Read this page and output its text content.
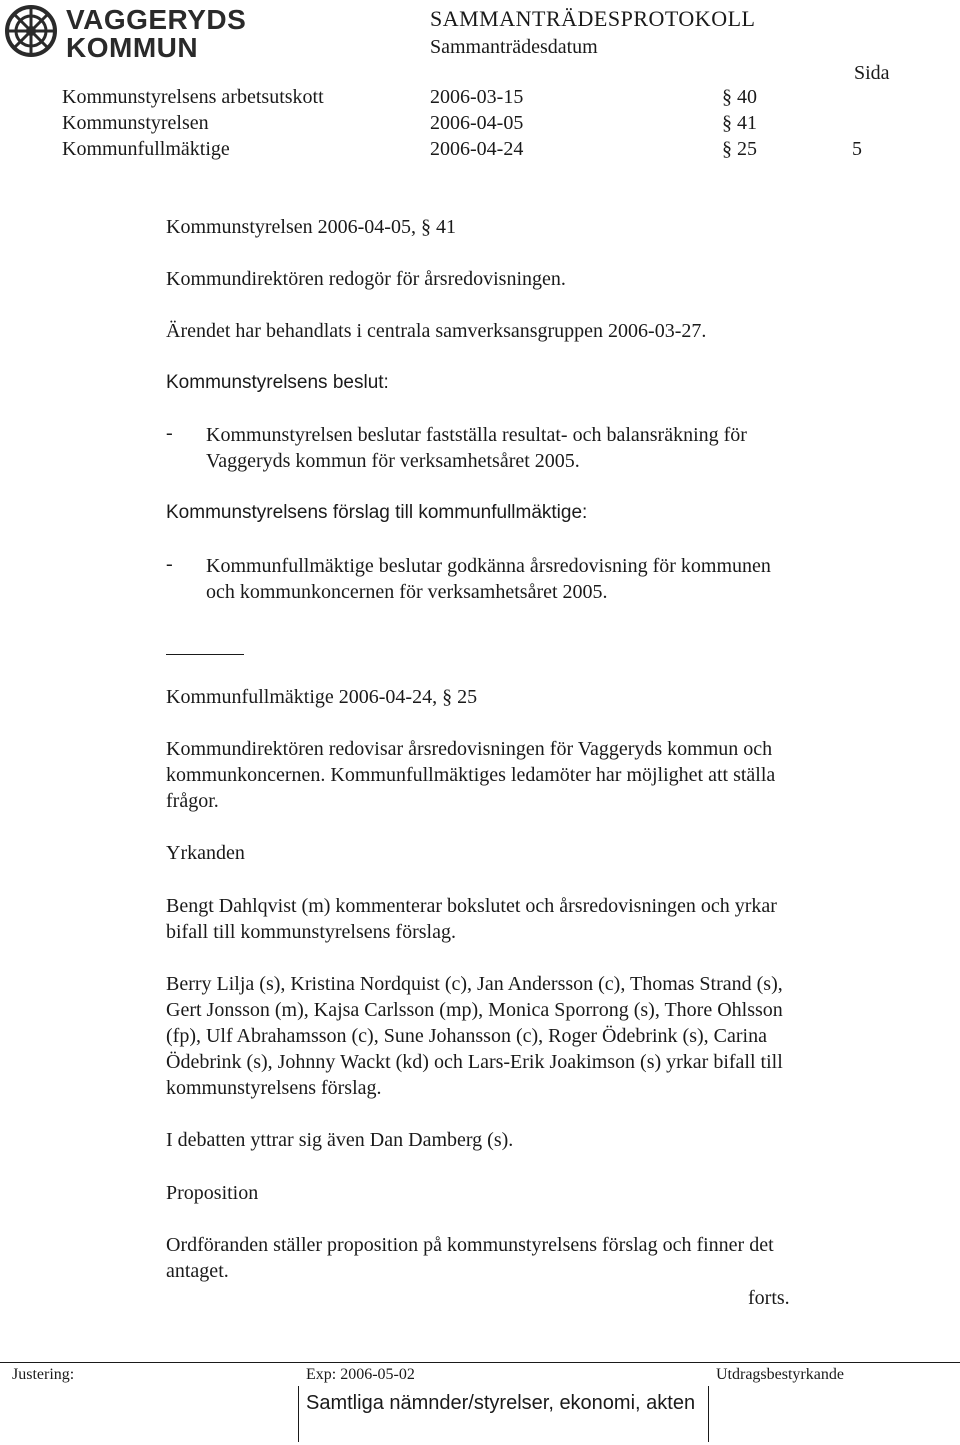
VAGGERYDS
KOMMUN
SAMMANTRÄDESPROTOKOLL
Sammanträdesdatum
Sida
Kommunstyrelsens arbetsutskott	2006-03-15	§ 40
Kommunstyrelsen	2006-04-05	§ 41
Kommunfullmäktige	2006-04-24	§ 25	5
Kommunstyrelsen 2006-04-05, § 41
Kommundirektören redogör för årsredovisningen.
Ärendet har behandlats i centrala samverksansgruppen 2006-03-27.
Kommunstyrelsens beslut:
- Kommunstyrelsen beslutar fastställa resultat- och balansräkning för
Vaggeryds kommun för verksamhetsåret 2005.
Kommunstyrelsens förslag till kommunfullmäktige:
- Kommunfullmäktige beslutar godkänna årsredovisning för kommunen
och kommunkoncernen för verksamhetsåret 2005.
Kommunfullmäktige 2006-04-24, § 25
Kommundirektören redovisar årsredovisningen för Vaggeryds kommun och
kommunkoncernen. Kommunfullmäktiges ledamöter har möjlighet att ställa
frågor.
Yrkanden
Bengt Dahlqvist (m) kommenterar bokslutet och årsredovisningen och yrkar
bifall till kommunstyrelsens förslag.
Berry Lilja (s), Kristina Nordquist (c), Jan Andersson (c), Thomas Strand (s),
Gert Jonsson (m), Kajsa Carlsson (mp), Monica Sporrong (s), Thore Ohlsson
(fp), Ulf Abrahamsson (c), Sune Johansson (c), Roger Ödebrink (s), Carina
Ödebrink (s), Johnny Wackt (kd) och Lars-Erik Joakimson (s) yrkar bifall till
kommunstyrelsens förslag.
I debatten yttrar sig även Dan Damberg (s).
Proposition
Ordföranden ställer proposition på kommunstyrelsens förslag och finner det
antaget.
forts.
Justering:	Exp: 2006-05-02	Utdragsbestyrkande
Samtliga nämnder/styrelser, ekonomi, akten
